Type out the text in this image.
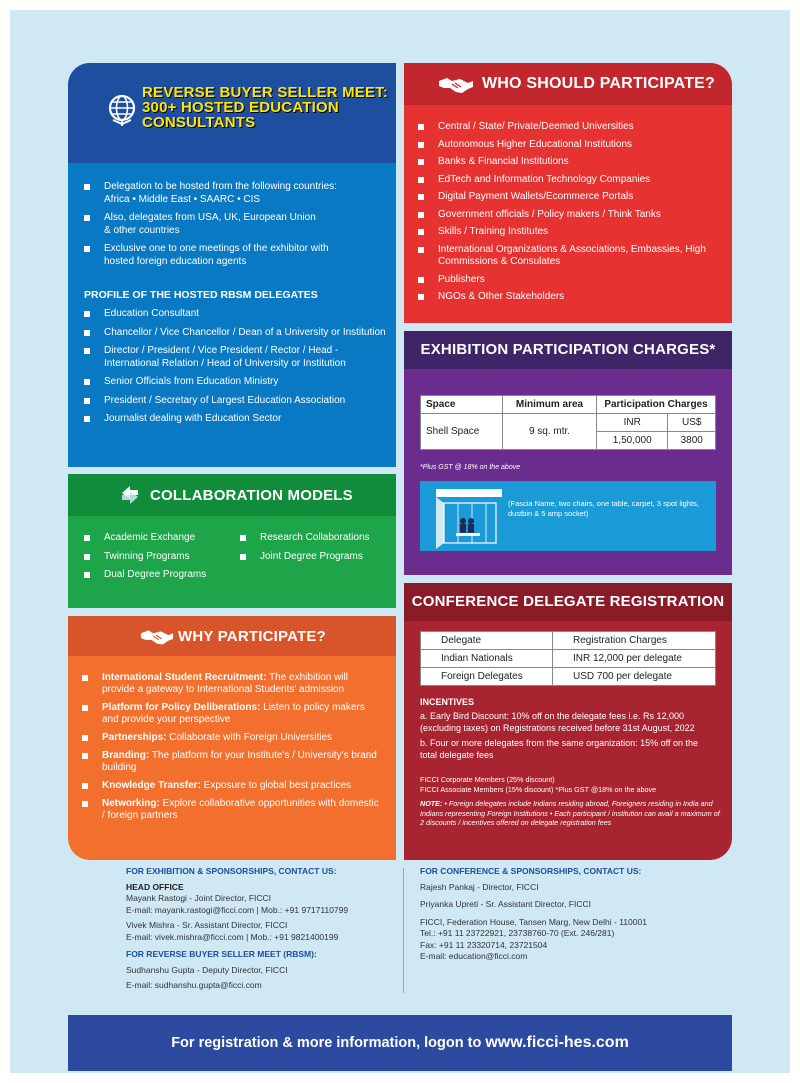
REVERSE BUYER SELLER MEET:
300+ HOSTED EDUCATION
CONSULTANTS
Delegation to be hosted from the following countries:
Africa • Middle East • SAARC • CIS
Also, delegates from USA, UK, European Union
& other countries
Exclusive one to one meetings of the exhibitor with
hosted foreign education agents
PROFILE OF THE HOSTED RBSM DELEGATES
Education Consultant
Chancellor / Vice Chancellor / Dean of a University or Institution
Director / President / Vice President / Rector / Head - International Relation / Head of University or Institution
Senior Officials from Education Ministry
President / Secretary of Largest Education Association
Journalist dealing with Education Sector
WHO SHOULD PARTICIPATE?
Central / State/ Private/Deemed Universities
Autonomous Higher Educational Institutions
Banks & Financial Institutions
EdTech and Information Technology Companies
Digital Payment Wallets/Ecommerce Portals
Government officials / Policy makers / Think Tanks
Skills / Training Institutes
International Organizations & Associations, Embassies, High Commissions & Consulates
Publishers
NGOs & Other Stakeholders
EXHIBITION PARTICIPATION CHARGES*
Space	Minimum area	Participation Charges	
Shell Space	9 sq. mtr.	INR	US$
		1,50,000	3800
*Plus GST @ 18% on the above
(Fascia Name, two chairs, one table, carpet, 3 spot lights, dustbin & 5 amp socket)
COLLABORATION MODELS
Academic Exchange
Twinning Programs
Dual Degree Programs
Research Collaborations
Joint Degree Programs
WHY PARTICIPATE?
International Student Recruitment: The exhibition will provide a gateway to International Students' admission
Platform for Policy Deliberations: Listen to policy makers and provide your perspective
Partnerships: Collaborate with Foreign Universities
Branding: The platform for your Institute's / University's brand building
Knowledge Transfer: Exposure to global best practices
Networking: Explore collaborative opportunities with domestic / foreign partners
CONFERENCE DELEGATE REGISTRATION
Delegate	Registration Charges
Indian Nationals	INR 12,000 per delegate
Foreign Delegates	USD 700 per delegate
INCENTIVES
a. Early Bird Discount: 10% off on the delegate fees i.e. Rs 12,000 (excluding taxes) on Registrations received before 31st August, 2022
b. Four or more delegates from the same organization: 15% off on the total delegate fees
FICCI Corporate Members (25% discount)
FICCI Associate Members (15% discount) *Plus GST @18% on the above
NOTE: • Foreign delegates include Indians residing abroad, Foreigners residing in India and Indians representing Foreign Institutions • Each participant / institution can avail a maximum of 2 discounts / incentives offered on delegate registration fees
FOR EXHIBITION & SPONSORSHIPS, CONTACT US:
HEAD OFFICE
Mayank Rastogi - Joint Director, FICCI
E-mail: mayank.rastogi@ficci.com | Mob.: +91 9717110799
Vivek Mishra - Sr. Assistant Director, FICCI
E-mail: vivek.mishra@ficci.com | Mob.: +91 9821400199
FOR REVERSE BUYER SELLER MEET (RBSM):
Sudhanshu Gupta - Deputy Director, FICCI
E-mail: sudhanshu.gupta@ficci.com
FOR CONFERENCE & SPONSORSHIPS, CONTACT US:
Rajesh Pankaj - Director, FICCI
Priyanka Upreti - Sr. Assistant Director, FICCI
FICCI, Federation House, Tansen Marg, New Delhi - 110001
Tel.: +91 11 23722921, 23738760-70 (Ext. 246/281)
Fax: +91 11 23320714, 23721504
E-mail: education@ficci.com
For registration & more information, logon to www.ficci-hes.com
